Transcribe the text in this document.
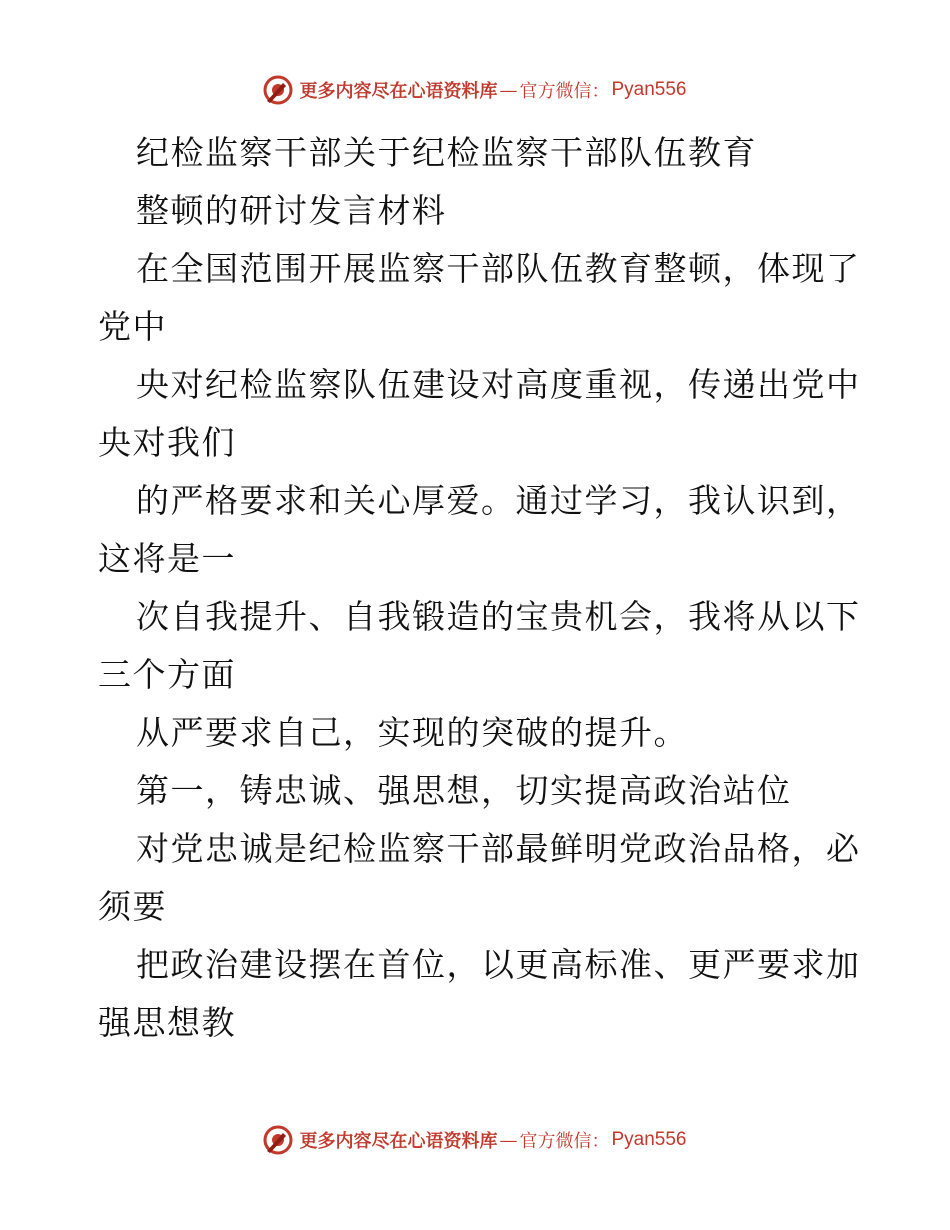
更多内容尽在心语资料库 — 官方微信： Pyan556
纪检监察干部关于纪检监察干部队伍教育
整顿的研讨发言材料
在全国范围开展监察干部队伍教育整顿，体现了
党中
央对纪检监察队伍建设对高度重视，传递出党中
央对我们
的严格要求和关心厚爱。通过学习，我认识到，
这将是一
次自我提升、自我锻造的宝贵机会，我将从以下
三个方面
从严要求自己，实现的突破的提升。
第一，铸忠诚、强思想，切实提高政治站位
对党忠诚是纪检监察干部最鲜明党政治品格，必
须要
把政治建设摆在首位，以更高标准、更严要求加
强思想教
更多内容尽在心语资料库 — 官方微信： Pyan556
